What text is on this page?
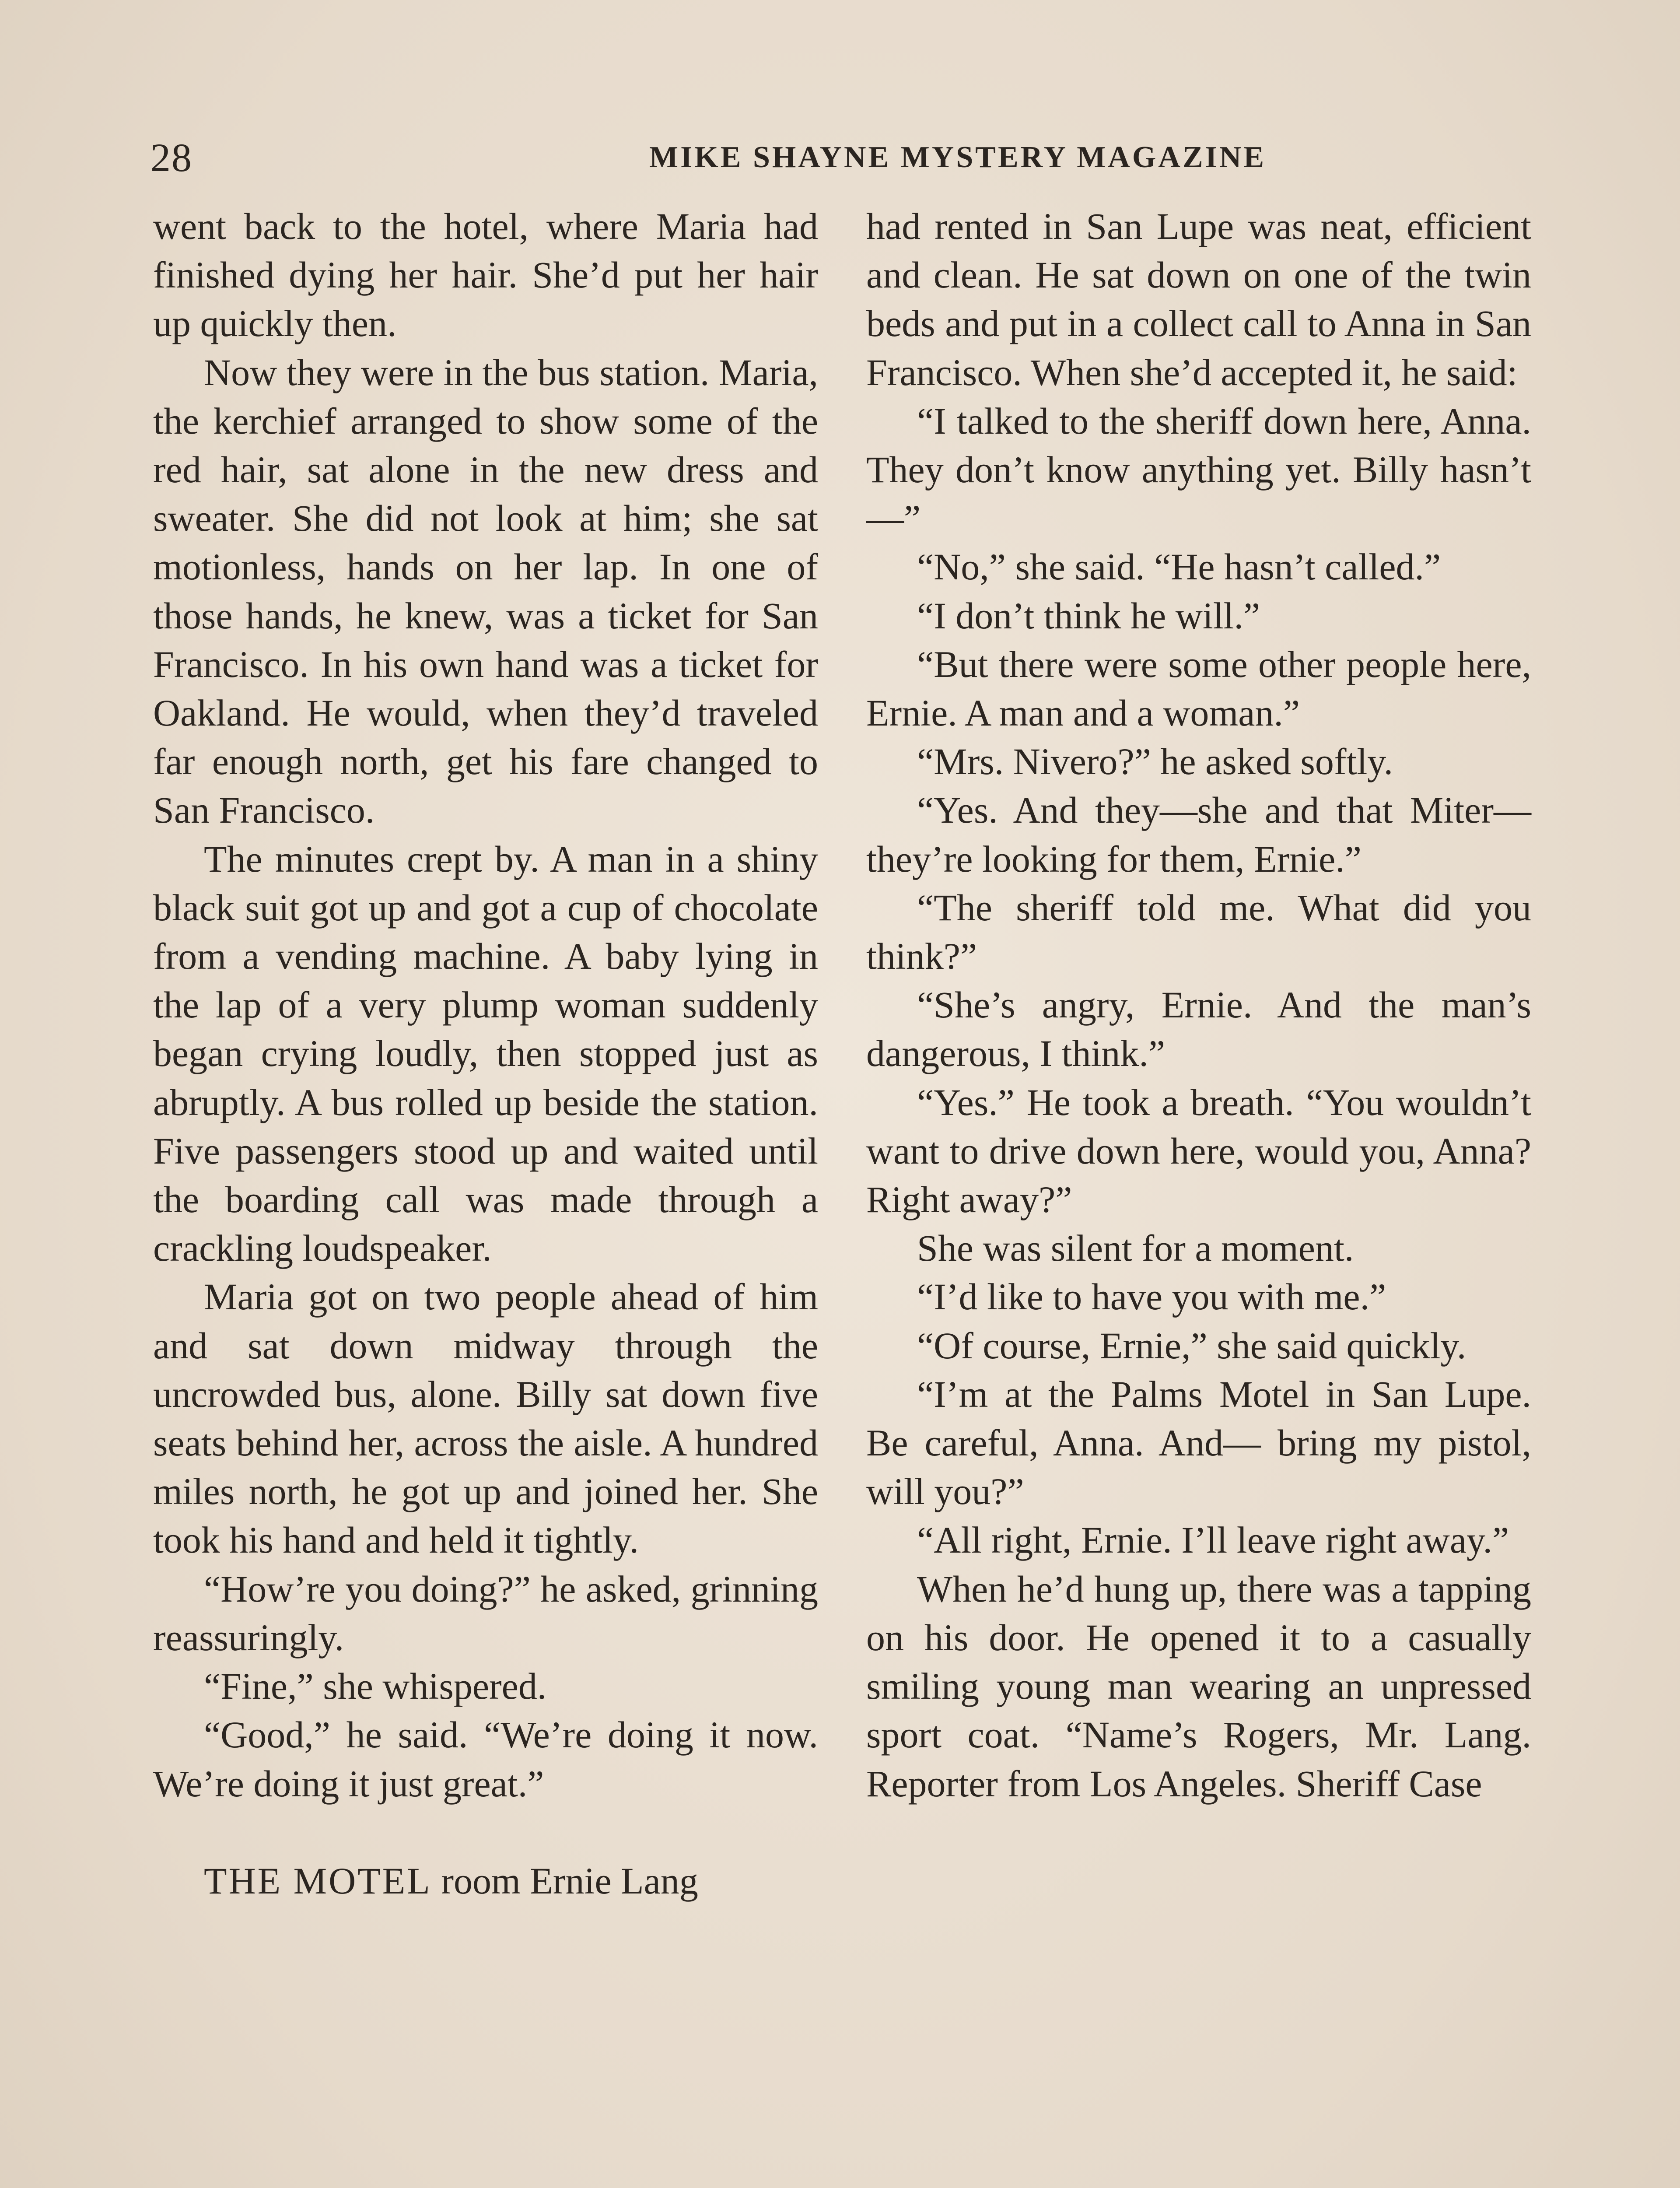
28	MIKE SHAYNE MYSTERY MAGAZINE

went back to the hotel, where Maria had finished dying her hair. She’d put her hair up quickly then.

Now they were in the bus station. Maria, the kerchief arranged to show some of the red hair, sat alone in the new dress and sweater. She did not look at him; she sat motionless, hands on her lap. In one of those hands, he knew, was a ticket for San Francisco. In his own hand was a ticket for Oakland. He would, when they’d traveled far enough north, get his fare changed to San Francisco.

The minutes crept by. A man in a shiny black suit got up and got a cup of chocolate from a vending machine. A baby lying in the lap of a very plump woman suddenly began crying loudly, then stopped just as abruptly. A bus rolled up beside the station. Five passengers stood up and waited until the boarding call was made through a crackling loudspeaker.

Maria got on two people ahead of him and sat down midway through the uncrowded bus, alone. Billy sat down five seats behind her, across the aisle. A hundred miles north, he got up and joined her. She took his hand and held it tightly.

“How’re you doing?” he asked, grinning reassuringly.

“Fine,” she whispered.

“Good,” he said. “We’re doing it now. We’re doing it just great.”

THE MOTEL room Ernie Lang

had rented in San Lupe was neat, efficient and clean. He sat down on one of the twin beds and put in a collect call to Anna in San Francisco. When she’d accepted it, he said:

“I talked to the sheriff down here, Anna. They don’t know anything yet. Billy hasn’t—”

“No,” she said. “He hasn’t called.”

“I don’t think he will.”

“But there were some other people here, Ernie. A man and a woman.”

“Mrs. Nivero?” he asked softly.

“Yes. And they—she and that Miter—they’re looking for them, Ernie.”

“The sheriff told me. What did you think?”

“She’s angry, Ernie. And the man’s dangerous, I think.”

“Yes.” He took a breath. “You wouldn’t want to drive down here, would you, Anna? Right away?”

She was silent for a moment.

“I’d like to have you with me.”

“Of course, Ernie,” she said quickly.

“I’m at the Palms Motel in San Lupe. Be careful, Anna. And— bring my pistol, will you?”

“All right, Ernie. I’ll leave right away.”

When he’d hung up, there was a tapping on his door. He opened it to a casually smiling young man wearing an unpressed sport coat. “Name’s Rogers, Mr. Lang. Reporter from Los Angeles. Sheriff Case
